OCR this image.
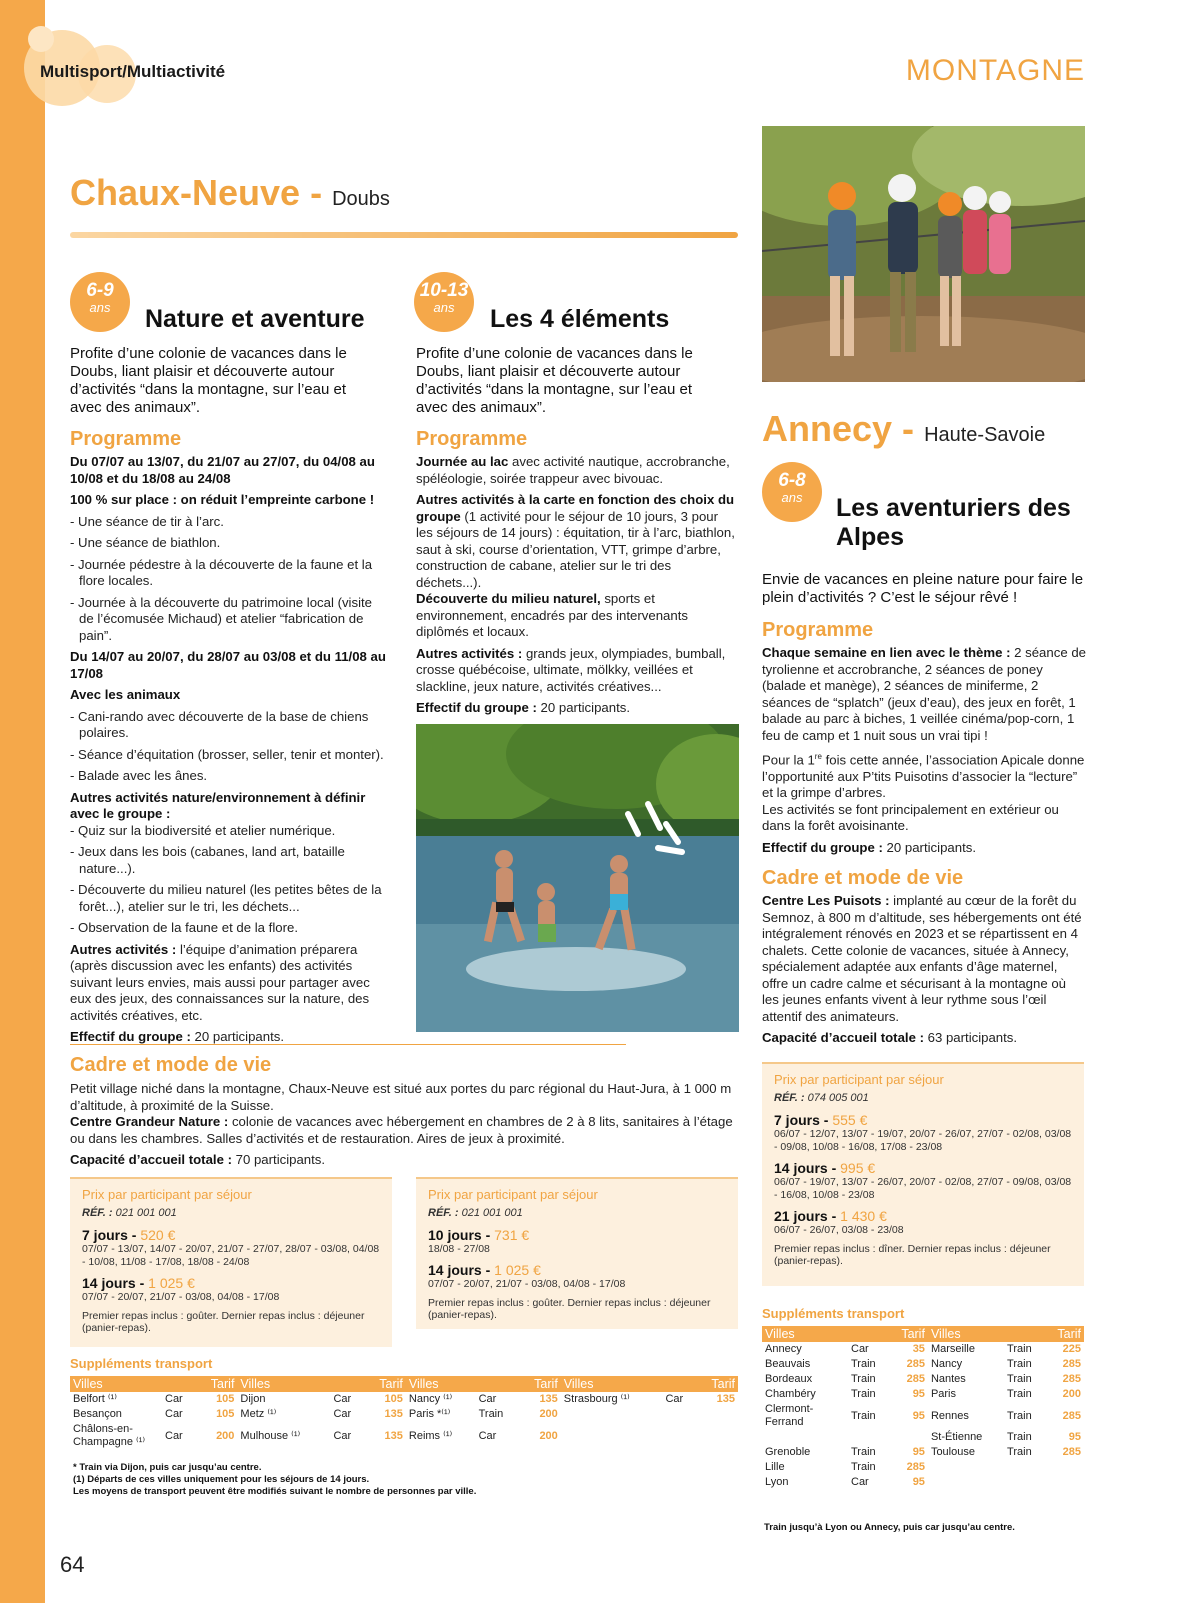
Multisport/Multiactivité	MONTAGNE
Chaux-Neuve - Doubs
6-9
ans	Nature et aventure
Profite d’une colonie de vacances dans le Doubs, liant plaisir et découverte autour d’activités “dans la montagne, sur l’eau et avec des animaux”.
Programme

Du 07/07 au 13/07, du 21/07 au 27/07, du 04/08 au 10/08 et du 18/08 au 24/08

100 % sur place : on réduit l’empreinte carbone !

- Une séance de tir à l’arc.
- Une séance de biathlon.
- Journée pédestre à la découverte de la faune et la flore locales.
- Journée à la découverte du patrimoine local (visite de l’écomusée Michaud) et atelier “fabrication de pain”.

Du 14/07 au 20/07, du 28/07 au 03/08 et du 11/08 au 17/08

Avec les animaux

- Cani-rando avec découverte de la base de chiens polaires.
- Séance d’équitation (brosser, seller, tenir et monter).
- Balade avec les ânes.

Autres activités nature/environnement à définir avec le groupe :

- Quiz sur la biodiversité et atelier numérique.
- Jeux dans les bois (cabanes, land art, bataille nature...).
- Découverte du milieu naturel (les petites bêtes de la forêt...), atelier sur le tri, les déchets...
- Observation de la faune et de la flore.

Autres activités : l’équipe d’animation préparera (après discussion avec les enfants) des activités suivant leurs envies, mais aussi pour partager avec eux des jeux, des connaissances sur la nature, des activités créatives, etc.

Effectif du groupe : 20 participants.

10-13
ans	Les 4 éléments
Profite d’une colonie de vacances dans le Doubs, liant plaisir et découverte autour d’activités “dans la montagne, sur l’eau et avec des animaux”.
Programme

Journée au lac avec activité nautique, accrobranche, spéléologie, soirée trappeur avec bivouac.

Autres activités à la carte en fonction des choix du groupe (1 activité pour le séjour de 10 jours, 3 pour les séjours de 14 jours) : équitation, tir à l’arc, biathlon, saut à ski, course d’orientation, VTT, grimpe d’arbre, construction de cabane, atelier sur le tri des déchets...).

Découverte du milieu naturel, sports et environnement, encadrés par des intervenants diplômés et locaux.

Autres activités : grands jeux, olympiades, bumball, crosse québécoise, ultimate, mölkky, veillées et slackline, jeux nature, activités créatives...

Effectif du groupe : 20 participants.

Cadre et mode de vie

Petit village niché dans la montagne, Chaux-Neuve est situé aux portes du parc régional du Haut-Jura, à 1 000 m d’altitude, à proximité de la Suisse.

Centre Grandeur Nature : colonie de vacances avec hébergement en chambres de 2 à 8 lits, sanitaires à l’étage ou dans les chambres. Salles d’activités et de restauration. Aires de jeux à proximité.

Capacité d’accueil totale : 70 participants.

Prix par participant par séjour
RÉF. : 021 001 001
7 jours - 520 €
07/07 - 13/07, 14/07 - 20/07, 21/07 - 27/07, 28/07 - 03/08, 04/08 - 10/08, 11/08 - 17/08, 18/08 - 24/08
14 jours - 1 025 €
07/07 - 20/07, 21/07 - 03/08, 04/08 - 17/08
Premier repas inclus : goûter. Dernier repas inclus : déjeuner (panier-repas).
Prix par participant par séjour
RÉF. : 021 001 001
10 jours - 731 €
18/08 - 27/08
14 jours - 1 025 €
07/07 - 20/07, 21/07 - 03/08, 04/08 - 17/08
Premier repas inclus : goûter. Dernier repas inclus : déjeuner (panier-repas).
Suppléments transport
Villes		Tarif	Villes		Tarif	Villes		Tarif	Villes		Tarif
Belfort ⁽¹⁾	Car	105	Dijon	Car	105	Nancy ⁽¹⁾	Car	135	Strasbourg ⁽¹⁾	Car	135
Besançon	Car	105	Metz ⁽¹⁾	Car	135	Paris *⁽¹⁾	Train	200			
Châlons-en-Champagne ⁽¹⁾	Car	200	Mulhouse ⁽¹⁾	Car	135	Reims ⁽¹⁾	Car	200			
* Train via Dijon, puis car jusqu’au centre.
(1) Départs de ces villes uniquement pour les séjours de 14 jours.
Les moyens de transport peuvent être modifiés suivant le nombre de personnes par ville.
Annecy - Haute-Savoie
6-8
ans	Les aventuriers des Alpes
Envie de vacances en pleine nature pour faire le plein d’activités ? C’est le séjour rêvé !
Programme

Chaque semaine en lien avec le thème : 2 séance de tyrolienne et accrobranche, 2 séances de poney (balade et manège), 2 séances de miniferme, 2 séances de “splatch” (jeux d’eau), des jeux en forêt, 1 balade au parc à biches, 1 veillée cinéma/pop-corn, 1 feu de camp et 1 nuit sous un vrai tipi !

Pour la 1re fois cette année, l’association Apicale donne l’opportunité aux P’tits Puisotins d’associer la “lecture” et la grimpe d’arbres.

Les activités se font principalement en extérieur ou dans la forêt avoisinante.

Effectif du groupe : 20 participants.

Cadre et mode de vie

Centre Les Puisots : implanté au cœur de la forêt du Semnoz, à 800 m d’altitude, ses hébergements ont été intégralement rénovés en 2023 et se répartissent en 4 chalets. Cette colonie de vacances, située à Annecy, spécialement adaptée aux enfants d’âge maternel, offre un cadre calme et sécurisant à la montagne où les jeunes enfants vivent à leur rythme sous l’œil attentif des animateurs.

Capacité d’accueil totale : 63 participants.

Prix par participant par séjour
RÉF. : 074 005 001
7 jours - 555 €
06/07 - 12/07, 13/07 - 19/07, 20/07 - 26/07, 27/07 - 02/08, 03/08 - 09/08, 10/08 - 16/08, 17/08 - 23/08
14 jours - 995 €
06/07 - 19/07, 13/07 - 26/07, 20/07 - 02/08, 27/07 - 09/08, 03/08 - 16/08, 10/08 - 23/08
21 jours - 1 430 €
06/07 - 26/07, 03/08 - 23/08
Premier repas inclus : dîner. Dernier repas inclus : déjeuner (panier-repas).
Suppléments transport
Villes		Tarif	Villes		Tarif
Annecy	Car	35	Marseille	Train	225
Beauvais	Train	285	Nancy	Train	285
Bordeaux	Train	285	Nantes	Train	285
Chambéry	Train	95	Paris	Train	200
Clermont-Ferrand	Train	95	Rennes	Train	285
			St-Étienne	Train	95
Grenoble	Train	95	Toulouse	Train	285
Lille	Train	285			
Lyon	Car	95			
Train jusqu’à Lyon ou Annecy, puis car jusqu’au centre.
64
